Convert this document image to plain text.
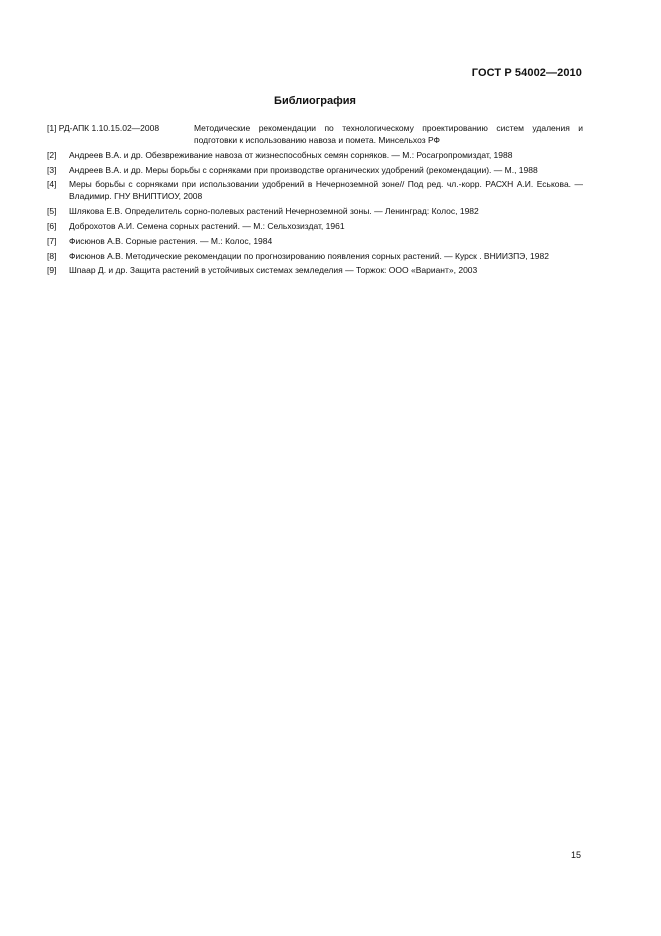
ГОСТ Р 54002—2010
Библиография
[1] РД-АПК 1.10.15.02—2008	Методические рекомендации по технологическому проектированию систем удаления и подготовки к использованию навоза и помета. Минсельхоз РФ
[2]	Андреев В.А. и др. Обезвреживание навоза от жизнеспособных семян сорняков. — М.: Росагропромиздат, 1988
[3]	Андреев В.А. и др. Меры борьбы с сорняками при производстве органических удобрений (рекомендации). — М., 1988
[4]	Меры борьбы с сорняками при использовании удобрений в Нечерноземной зоне// Под ред. чл.-корр. РАСХН А.И. Еськова. — Владимир. ГНУ ВНИПТИОУ, 2008
[5]	Шлякова Е.В. Определитель сорно-полевых растений Нечерноземной зоны. — Ленинград: Колос, 1982
[6]	Доброхотов А.И. Семена сорных растений. — М.: Сельхозиздат, 1961
[7]	Фисюнов А.В. Сорные растения. — М.: Колос, 1984
[8]	Фисюнов А.В. Методические рекомендации по прогнозированию появления сорных растений. — Курск . ВНИИЗПЭ, 1982
[9]	Шпаар Д. и др. Защита растений в устойчивых системах земледелия — Торжок: ООО «Вариант», 2003
15
